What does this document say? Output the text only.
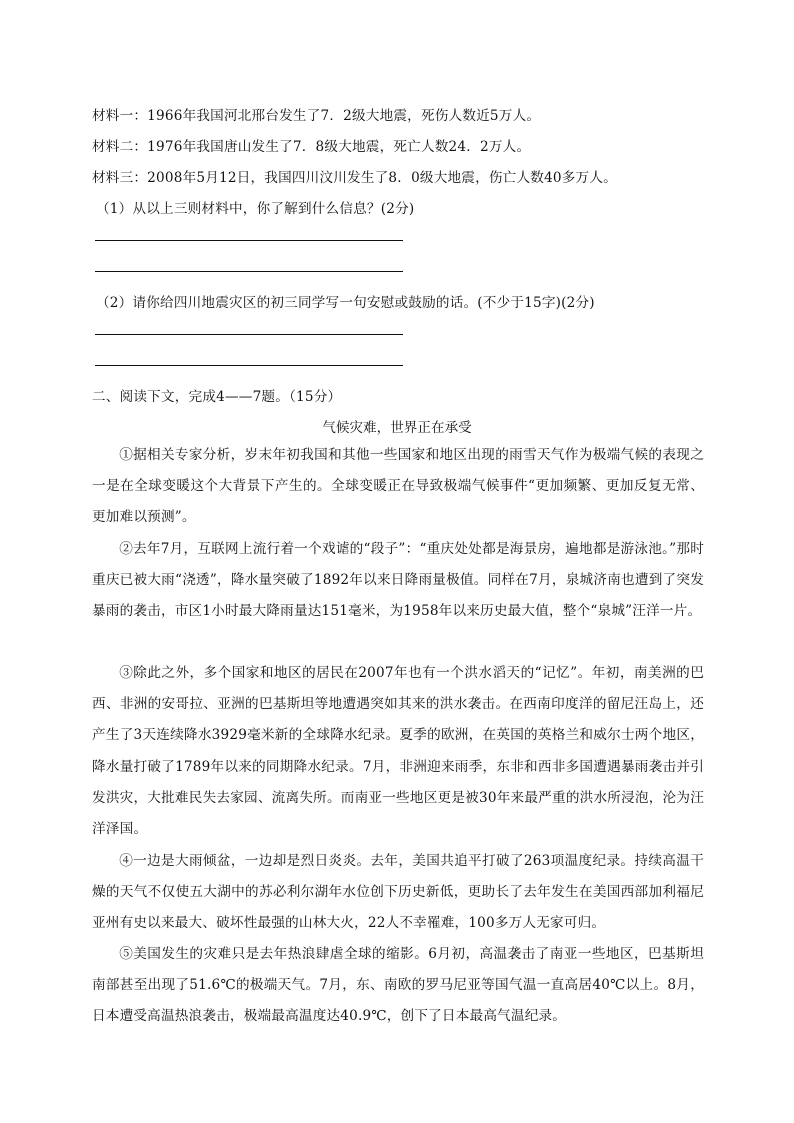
材料一：1966年我国河北邢台发生了7．2级大地震，死伤人数近5万人。
材料二：1976年我国唐山发生了7．8级大地震，死亡人数24．2万人。
材料三：2008年5月12日，我国四川汶川发生了8．0级大地震，伤亡人数40多万人。
（1）从以上三则材料中，你了解到什么信息？(2分)
（2）请你给四川地震灾区的初三同学写一句安慰或鼓励的话。(不少于15字)(2分)
二、阅读下文，完成4——7题。（15分）
气候灾难，世界正在承受
①据相关专家分析，岁末年初我国和其他一些国家和地区出现的雨雪天气作为极端气候的表现之一是在全球变暖这个大背景下产生的。全球变暖正在导致极端气候事件“更加频繁、更加反复无常、更加难以预测”。
②去年7月，互联网上流行着一个戏谑的“段子”：“重庆处处都是海景房，遍地都是游泳池。”那时重庆已被大雨“浇透”，降水量突破了1892年以来日降雨量极值。同样在7月，泉城济南也遭到了突发暴雨的袭击，市区1小时最大降雨量达151毫米，为1958年以来历史最大值，整个“泉城”汪洋一片。
③除此之外，多个国家和地区的居民在2007年也有一个洪水滔天的“记忆”。年初，南美洲的巴西、非洲的安哥拉、亚洲的巴基斯坦等地遭遇突如其来的洪水袭击。在西南印度洋的留尼汪岛上，还产生了3天连续降水3929毫米新的全球降水纪录。夏季的欧洲，在英国的英格兰和威尔士两个地区，降水量打破了1789年以来的同期降水纪录。7月，非洲迎来雨季，东非和西非多国遭遇暴雨袭击并引发洪灾，大批难民失去家园、流离失所。而南亚一些地区更是被30年来最严重的洪水所浸泡，沦为汪洋泽国。
④一边是大雨倾盆，一边却是烈日炎炎。去年，美国共追平打破了263项温度纪录。持续高温干燥的天气不仅使五大湖中的苏必利尔湖年水位创下历史新低，更助长了去年发生在美国西部加利福尼亚州有史以来最大、破坏性最强的山林大火，22人不幸罹难，100多万人无家可归。
⑤美国发生的灾难只是去年热浪肆虐全球的缩影。6月初，高温袭击了南亚一些地区，巴基斯坦南部甚至出现了51.6℃的极端天气。7月，东、南欧的罗马尼亚等国气温一直高居40℃以上。8月，日本遭受高温热浪袭击，极端最高温度达40.9℃，创下了日本最高气温纪录。
